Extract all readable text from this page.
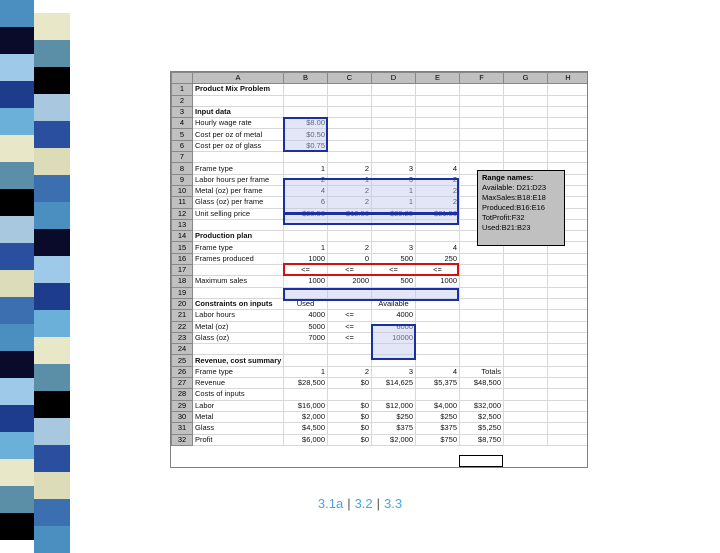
	A	B	C	D	E	F	G	H
1	Product Mix Problem							
2								
3	Input data							
4	Hourly wage rate	$8.00						
5	Cost per oz of metal	$0.50						
6	Cost per oz of glass	$0.75						
7								
8	Frame type	1	2	3	4			
9	Labor hours per frame	2	1	3	2			
10	Metal (oz) per frame	4	2	1	2			
11	Glass (oz) per frame	6	2	1	2			
12	Unit selling price	$28.50	$12.50	$29.25	$21.50			
13								
14	Production plan							
15	Frame type	1	2	3	4			
16	Frames produced	1000	0	500	250			
17		<=	<=	<=	<=			
18	Maximum sales	1000	2000	500	1000			
19								
20	Constraints on inputs	Used		Available				
21	Labor hours	4000	<=	4000				
22	Metal (oz)	5000	<=	6000				
23	Glass (oz)	7000	<=	10000				
24								
25	Revenue, cost summary							
26	Frame type	1	2	3	4	Totals		
27	Revenue	$28,500	$0	$14,625	$5,375	$48,500		
28	Costs of inputs							
29	Labor	$16,000	$0	$12,000	$4,000	$32,000		
30	Metal	$2,000	$0	$250	$250	$2,500		
31	Glass	$4,500	$0	$375	$375	$5,250		
32	Profit	$6,000	$0	$2,000	$750	$8,750		
Range names:
Available: D21:D23
MaxSales:B18:E18
Produced:B16:E16
TotProfit:F32
Used:B21:B23
3.1a | 3.2 | 3.3
